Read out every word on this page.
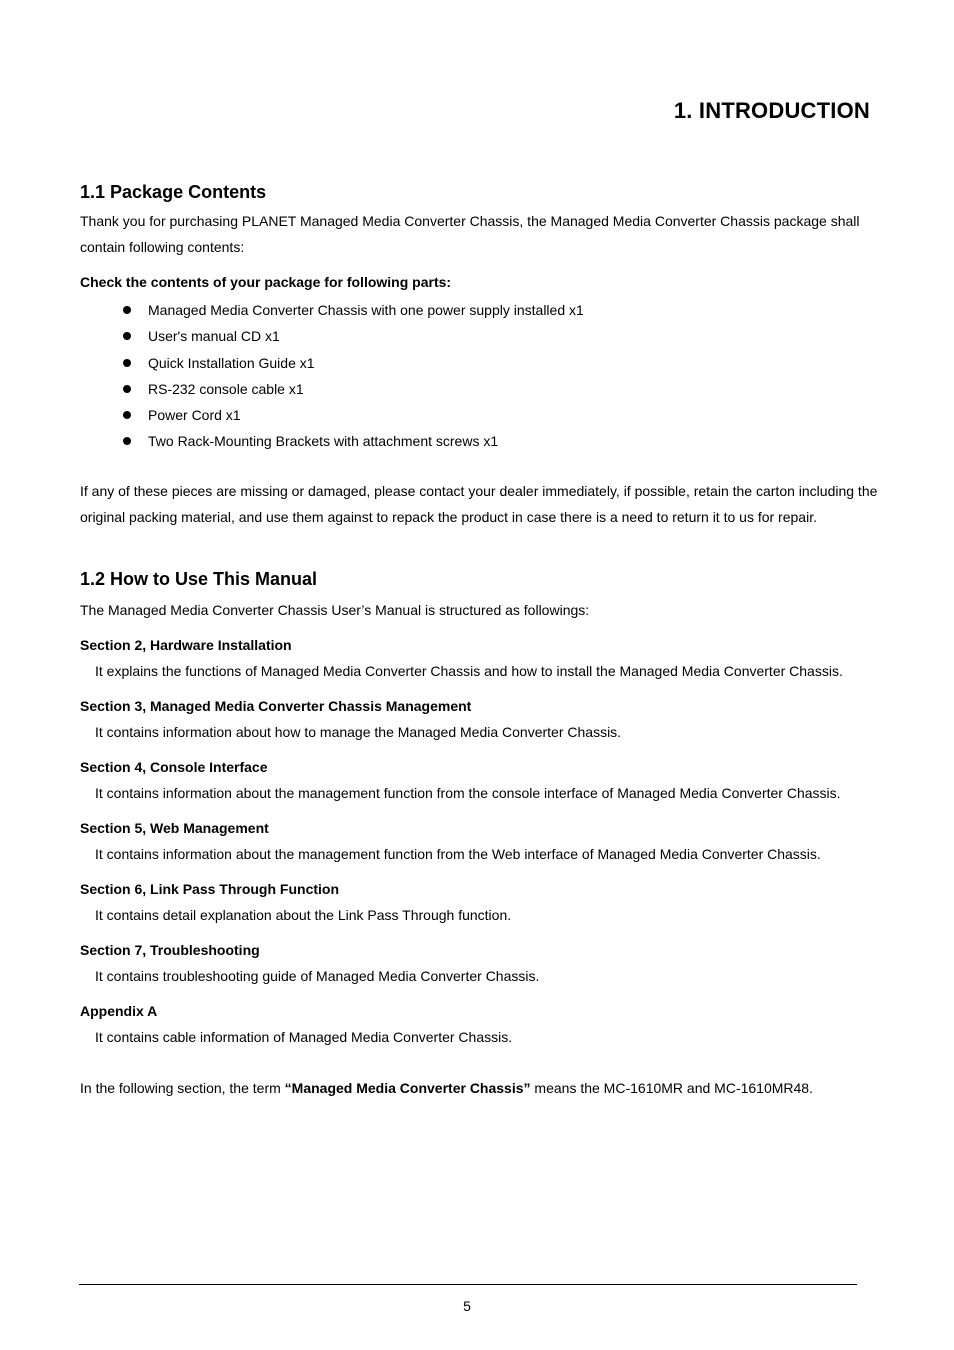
1. INTRODUCTION
1.1 Package Contents

Thank you for purchasing PLANET Managed Media Converter Chassis, the Managed Media Converter Chassis package shall contain following contents:

Check the contents of your package for following parts:

Managed Media Converter Chassis with one power supply installed x1
User's manual CD x1
Quick Installation Guide x1
RS-232 console cable x1
Power Cord x1
Two Rack-Mounting Brackets with attachment screws x1

If any of these pieces are missing or damaged, please contact your dealer immediately, if possible, retain the carton including the original packing material, and use them against to repack the product in case there is a need to return it to us for repair.

1.2 How to Use This Manual

The Managed Media Converter Chassis User’s Manual is structured as followings:

Section 2, Hardware Installation

It explains the functions of Managed Media Converter Chassis and how to install the Managed Media Converter Chassis.

Section 3, Managed Media Converter Chassis Management

It contains information about how to manage the Managed Media Converter Chassis.

Section 4, Console Interface

It contains information about the management function from the console interface of Managed Media Converter Chassis.

Section 5, Web Management

It contains information about the management function from the Web interface of Managed Media Converter Chassis.

Section 6, Link Pass Through Function

It contains detail explanation about the Link Pass Through function.

Section 7, Troubleshooting

It contains troubleshooting guide of Managed Media Converter Chassis.

Appendix A

It contains cable information of Managed Media Converter Chassis.

In the following section, the term “Managed Media Converter Chassis” means the MC-1610MR and MC-1610MR48.

5
